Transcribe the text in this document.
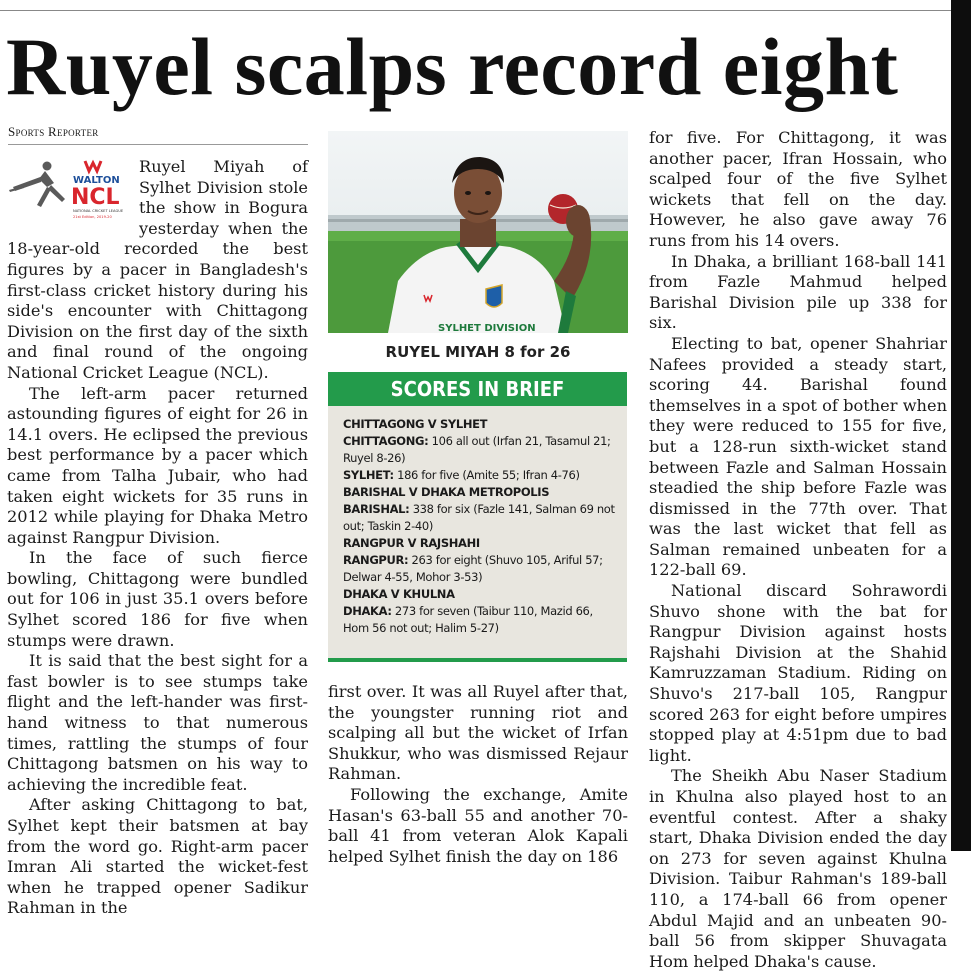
Ruyel scalps record eight
Sports Reporter
WALTON
NCL
NATIONAL CRICKET LEAGUE
21st Edition, 2019-20

Ruyel Miyah of Sylhet Division stole the show in Bogura yesterday when the 18-year-old recorded the best figures by a pacer in Bangladesh's first-class cricket history during his side's encounter with Chittagong Division on the first day of the sixth and final round of the ongoing National Cricket League (NCL).

The left-arm pacer returned astounding figures of eight for 26 in 14.1 overs. He eclipsed the previous best performance by a pacer which came from Talha Jubair, who had taken eight wickets for 35 runs in 2012 while playing for Dhaka Metro against Rangpur Division.

In the face of such fierce bowling, Chittagong were bundled out for 106 in just 35.1 overs before Sylhet scored 186 for five when stumps were drawn.

It is said that the best sight for a fast bowler is to see stumps take flight and the left-hander was first-hand witness to that numerous times, rattling the stumps of four Chittagong batsmen on his way to achieving the incredible feat.

After asking Chittagong to bat, Sylhet kept their batsmen at bay from the word go. Right-arm pacer Imran Ali started the wicket-fest when he trapped opener Sadikur Rahman in the

SYLHET DIVISION
RUYEL MIYAH 8 for 26
SCORES IN BRIEF
CHITTAGONG V SYLHET
CHITTAGONG: 106 all out (Irfan 21, Tasamul 21; Ruyel 8-26)
SYLHET: 186 for five (Amite 55; Ifran 4-76)
BARISHAL V DHAKA METROPOLIS
BARISHAL: 338 for six (Fazle 141, Salman 69 not out; Taskin 2-40)
RANGPUR V RAJSHAHI
RANGPUR: 263 for eight (Shuvo 105, Ariful 57; Delwar 4-55, Mohor 3-53)
DHAKA V KHULNA
DHAKA: 273 for seven (Taibur 110, Mazid 66, Hom 56 not out; Halim 5-27)

first over. It was all Ruyel after that, the youngster running riot and scalping all but the wicket of Irfan Shukkur, who was dismissed Rejaur Rahman.

Following the exchange, Amite Hasan's 63-ball 55 and another 70-ball 41 from veteran Alok Kapali helped Sylhet finish the day on 186

for five. For Chittagong, it was another pacer, Ifran Hossain, who scalped four of the five Sylhet wickets that fell on the day. However, he also gave away 76 runs from his 14 overs.

In Dhaka, a brilliant 168-ball 141 from Fazle Mahmud helped Barishal Division pile up 338 for six.

Electing to bat, opener Shahriar Nafees provided a steady start, scoring 44. Barishal found themselves in a spot of bother when they were reduced to 155 for five, but a 128-run sixth-wicket stand between Fazle and Salman Hossain steadied the ship before Fazle was dismissed in the 77th over. That was the last wicket that fell as Salman remained unbeaten for a 122-ball 69.

National discard Sohrawordi Shuvo shone with the bat for Rangpur Division against hosts Rajshahi Division at the Shahid Kamruzzaman Stadium. Riding on Shuvo's 217-ball 105, Rangpur scored 263 for eight before umpires stopped play at 4:51pm due to bad light.

The Sheikh Abu Naser Stadium in Khulna also played host to an eventful contest. After a shaky start, Dhaka Division ended the day on 273 for seven against Khulna Division. Taibur Rahman's 189-ball 110, a 174-ball 66 from opener Abdul Majid and an unbeaten 90-ball 56 from skipper Shuvagata Hom helped Dhaka's cause.
